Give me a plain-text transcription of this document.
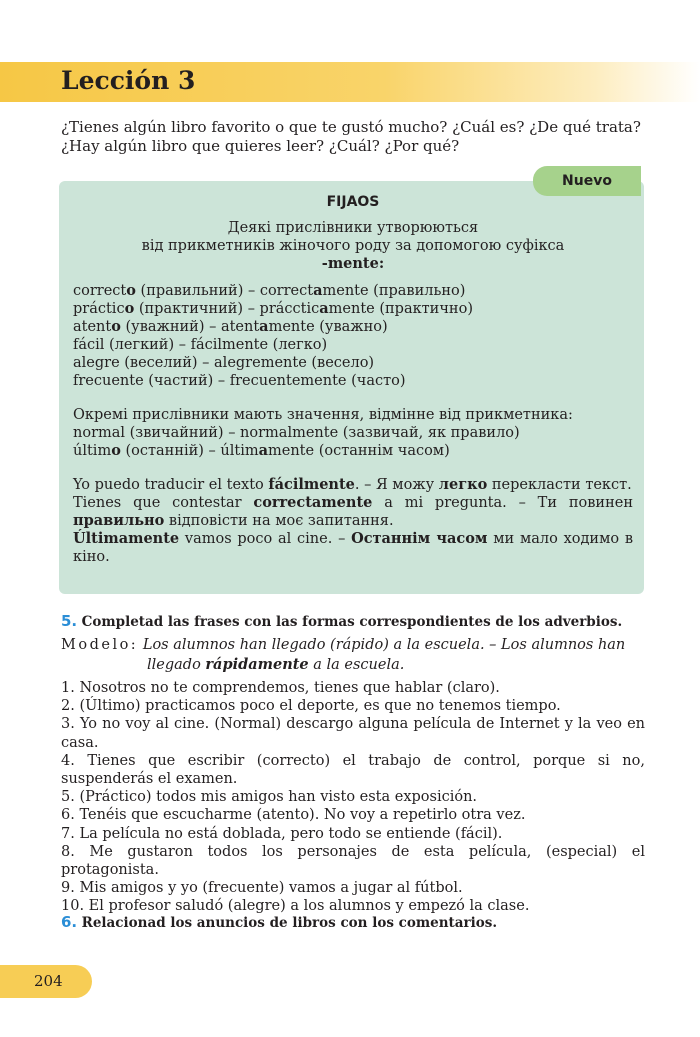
Lección 3
¿Tienes algún libro favorito o que te gustó mucho? ¿Cuál es? ¿De qué trata?
¿Hay algún libro que quieres leer? ¿Cuál? ¿Por qué?
Nuevo
FIJAOS
Деякі прислівники утворюються
від прикметників жіночого роду за допомогою суфікса
-mente:
correcto (правильний) – correctamente (правильно)
práctico (практичний) – práccticamente (практично)
atento (уважний) – atentamente (уважно)
fácil (легкий) – fácilmente (легко)
alegre (веселий) – alegremente (весело)
frecuente (частий) – frecuentemente (часто)
Окремі прислівники мають значення, відмінне від прикметника:
normal (звичайний) – normalmente (зазвичай, як правило)
último (останній) – últimamente (останнім часом)
Yo puedo traducir el texto fácilmente. – Я можу легко перекласти текст.
Tienes que contestar correctamente a mi pregunta. – Ти повинен правильно відповісти на моє запитання.
Últimamente vamos poco al cine. – Останнім часом ми мало ходимо в кіно.
5. Completad las frases con las formas correspondientes de los adverbios.
Modelo: Los alumnos han llegado (rápido) a la escuela. – Los alumnos han
llegado rápidamente a la escuela.
1. Nosotros no te comprendemos, tienes que hablar (claro).
2. (Último) practicamos poco el deporte, es que no tenemos tiempo.
3. Yo no voy al cine. (Normal) descargo alguna película de Internet y la veo en casa.
4. Tienes que escribir (correcto) el trabajo de control, porque si no, suspenderás el examen.
5. (Práctico) todos mis amigos han visto esta exposición.
6. Tenéis que escucharme (atento). No voy a repetirlo otra vez.
7. La película no está doblada, pero todo se entiende (fácil).
8. Me gustaron todos los personajes de esta película, (especial) el protagonista.
9. Mis amigos y yo (frecuente) vamos a jugar al fútbol.
10. El profesor saludó (alegre) a los alumnos y empezó la clase.
6. Relacionad los anuncios de libros con los comentarios.
204
